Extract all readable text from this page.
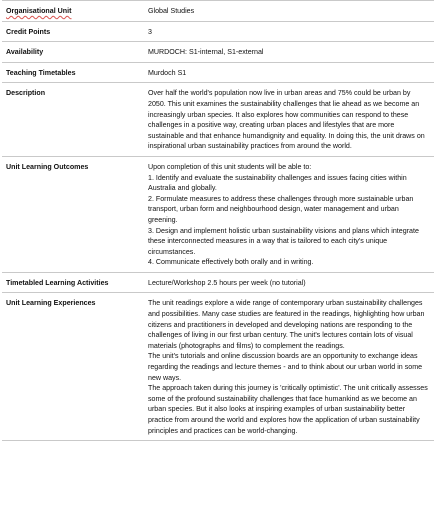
Organisational Unit	Global Studies
Credit Points	3
Availability	MURDOCH: S1-internal, S1-external
Teaching Timetables	Murdoch S1
Description	Over half the world's population now live in urban areas and 75% could be urban by 2050. This unit examines the sustainability challenges that lie ahead as we become an increasingly urban species. It also explores how communities can respond to these challenges in a positive way, creating urban places and lifestyles that are more sustainable and that enhance humandignity and equality. In doing this, the unit draws on inspirational urban sustainability practices from around the world.
Unit Learning Outcomes	Upon completion of this unit students will be able to:
1. Identify and evaluate the sustainability challenges and issues facing cities within Australia and globally.
2. Formulate measures to address these challenges through more sustainable urban transport, urban form and neighbourhood design, water management and urban greening.
3. Design and implement holistic urban sustainability visions and plans which integrate these interconnected measures in a way that is tailored to each city's unique circumstances.
4. Communicate effectively both orally and in writing.

Timetabled Learning Activities	Lecture/Workshop 2.5 hours per week (no tutorial)
Unit Learning Experiences	The unit readings explore a wide range of contemporary urban sustainability challenges and possibilities. Many case studies are featured in the readings, highlighting how urban citizens and practitioners in developed and developing nations are responding to the challenges of living in our first urban century. The unit's lectures contain lots of visual materials (photographs and films) to complement the readings.
The unit's tutorials and online discussion boards are an opportunity to exchange ideas regarding the readings and lecture themes - and to think about our urban world in some new ways.
The approach taken during this journey is 'critically optimistic'. The unit critically assesses some of the profound sustainability challenges that face humankind as we become an urban species. But it also looks at inspiring examples of urban sustainability better practice from around the world and explores how the application of urban sustainability principles and practices can be world-changing.
